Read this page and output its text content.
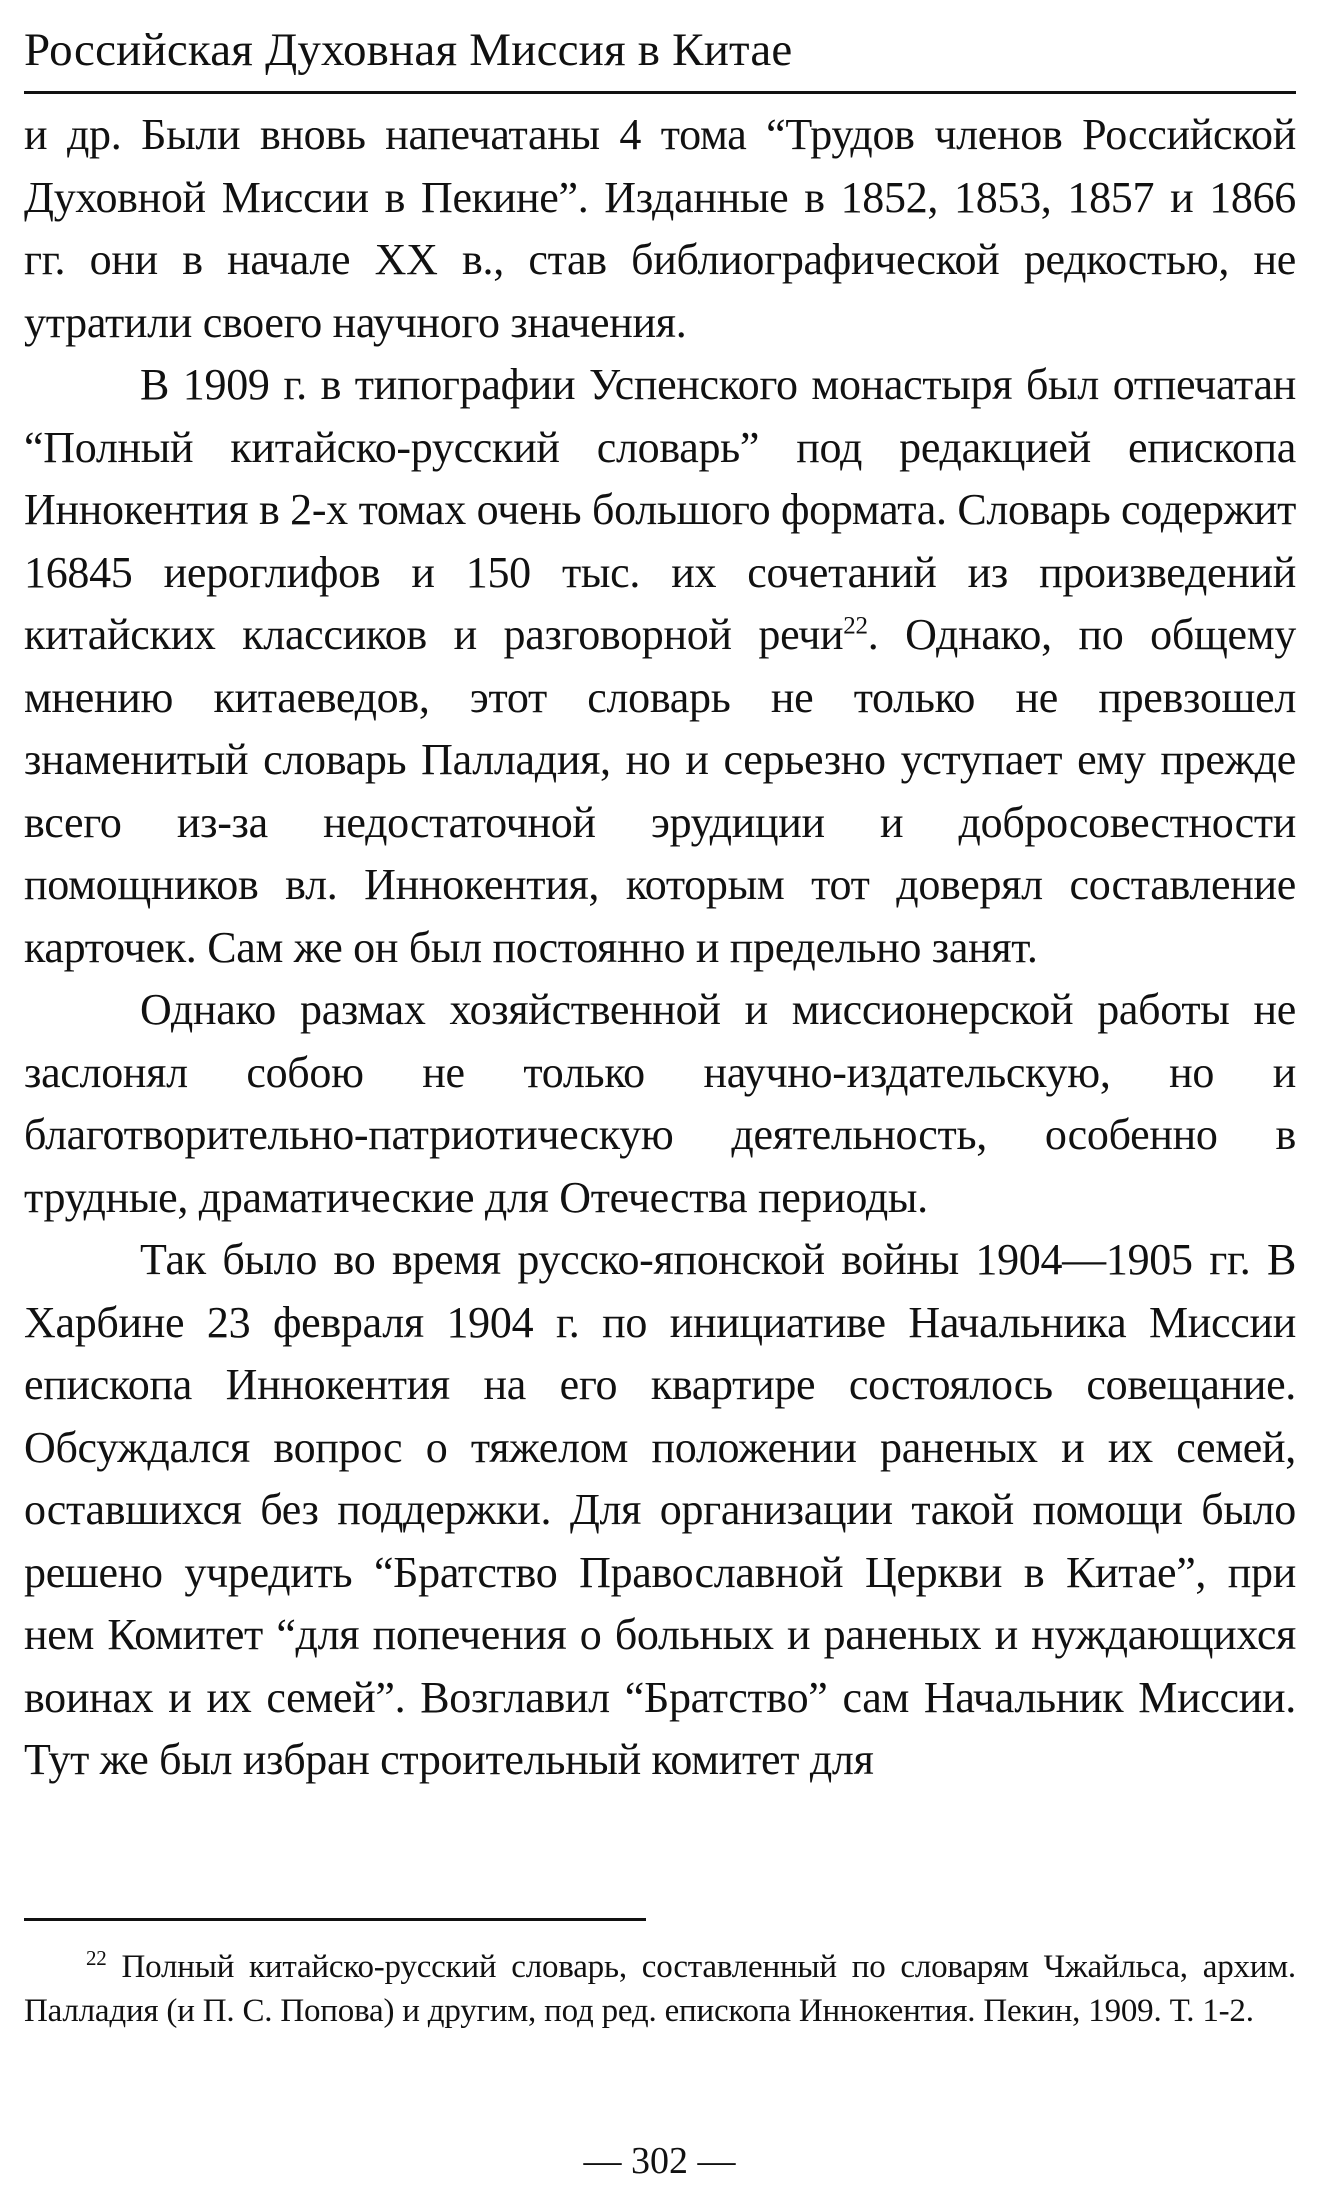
Российская Духовная Миссия в Китае

и др. Были вновь напечатаны 4 тома “Трудов членов Российской Духовной Миссии в Пекине”. Изданные в 1852, 1853, 1857 и 1866 гг. они в начале XX в., став библиографической редкостью, не утратили своего научного значения.

В 1909 г. в типографии Успенского монастыря был отпечатан “Полный китайско-русский словарь” под редакцией епископа Иннокентия в 2-х томах очень большого формата. Словарь содержит 16845 иероглифов и 150 тыс. их сочетаний из произведений китайских классиков и разговорной речи$^{22}$. Однако, по общему мнению китаеведов, этот словарь не только не превзошел знаменитый словарь Палладия, но и серьезно уступает ему прежде всего из-за недостаточной эрудиции и добросовестности помощников вл. Иннокентия, которым тот доверял составление карточек. Сам же он был постоянно и предельно занят.

Однако размах хозяйственной и миссионерской работы не заслонял собою не только научно-издательскую, но и благотворительно-патриотическую деятельность, особенно в трудные, драматические для Отечества периоды.

Так было во время русско-японской войны 1904—1905 гг. В Харбине 23 февраля 1904 г. по инициативе Начальника Миссии епископа Иннокентия на его квартире состоялось совещание. Обсуждался вопрос о тяжелом положении раненых и их семей, оставшихся без поддержки. Для организации такой помощи было решено учредить “Братство Православной Церкви в Китае”, при нем Комитет “для попечения о больных и раненых и нуждающихся воинах и их семей”. Возглавил “Братство” сам Начальник Миссии. Тут же был избран строительный комитет для

$^{22}$ Полный китайско-русский словарь, составленный по словарям Чжайльса, архим. Палладия (и П. С. Попова) и другим, под ред. епископа Иннокентия. Пекин, 1909. Т. 1-2.
— 302 —
